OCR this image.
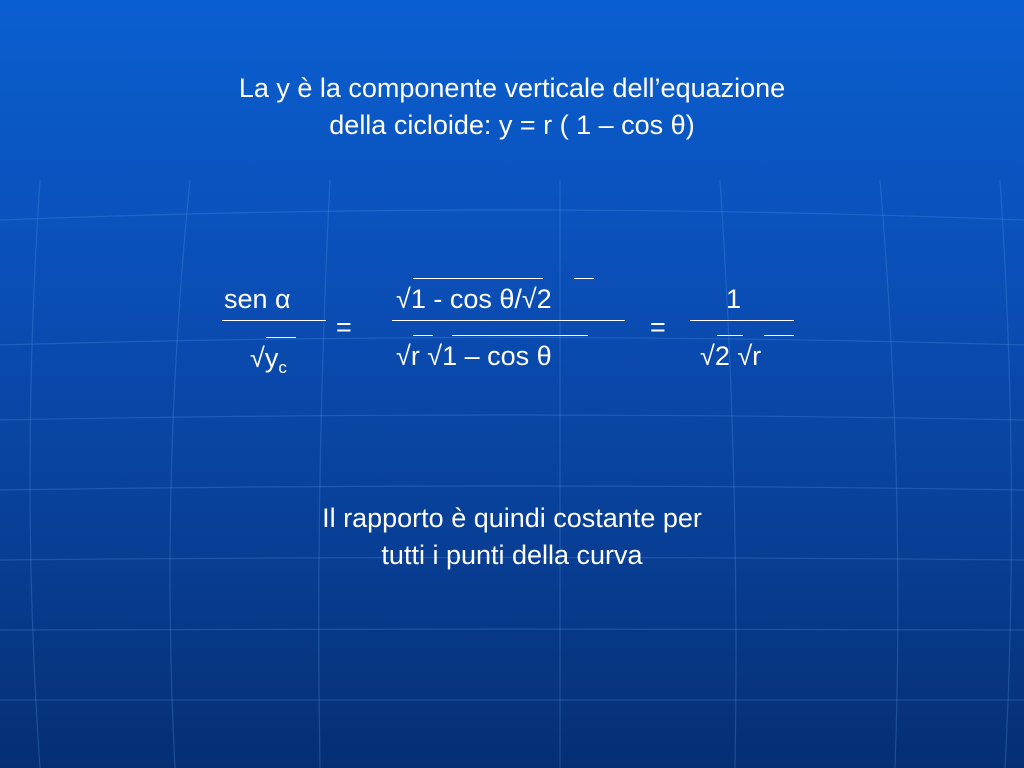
La y è la componente verticale dell’equazione
della cicloide: y = r ( 1 – cos θ)
sen α
$√y_c$
=
√1 - cos θ/√2
√r √1 – cos θ
=
1
√2 √r
Il rapporto è quindi costante per
tutti i punti della curva
